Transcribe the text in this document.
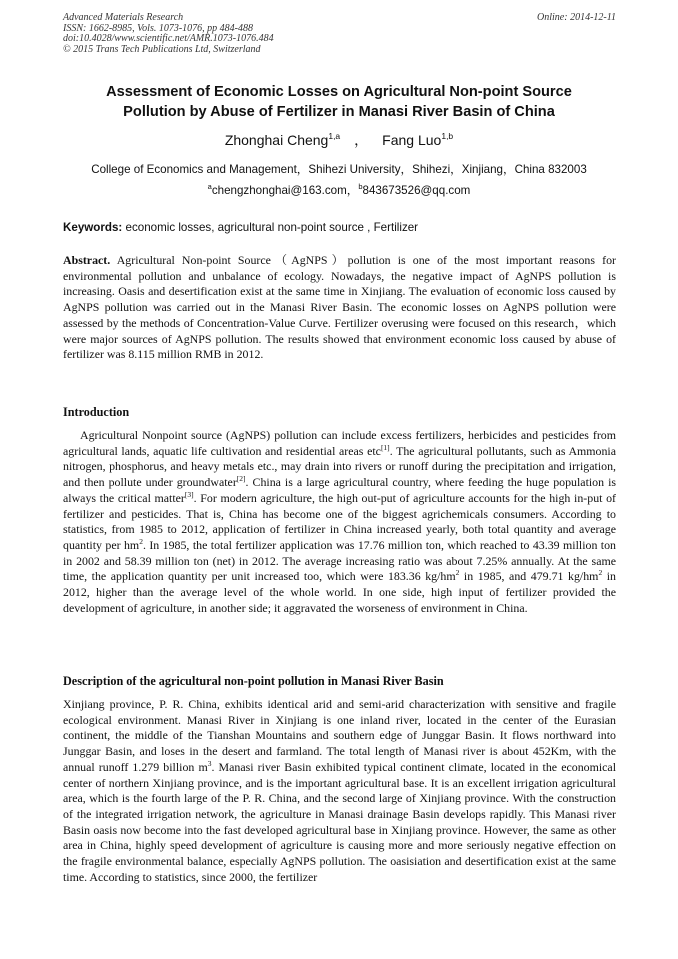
Advanced Materials Research	Online: 2014-12-11
ISSN: 1662-8985, Vols. 1073-1076, pp 484-488
doi:10.4028/www.scientific.net/AMR.1073-1076.484
© 2015 Trans Tech Publications Ltd, Switzerland
Assessment of Economic Losses on Agricultural Non-point Source
Pollution by Abuse of Fertilizer in Manasi River Basin of China
Zhonghai Cheng$^{1,a}$ ， Fang Luo$^{1,b}$
College of Economics and Management，Shihezi University，Shihezi，Xinjiang，China 832003
$^a$chengzhonghai@163.com，$^b$843673526@qq.com
Keywords: economic losses, agricultural non-point source , Fertilizer

Abstract. Agricultural Non-point Source（AgNPS）pollution is one of the most important reasons for environmental pollution and unbalance of ecology. Nowadays, the negative impact of AgNPS pollution is increasing. Oasis and desertification exist at the same time in Xinjiang. The evaluation of economic loss caused by AgNPS pollution was carried out in the Manasi River Basin. The economic losses on AgNPS pollution were assessed by the methods of Concentration-Value Curve. Fertilizer overusing were focused on this research，which were major sources of AgNPS pollution. The results showed that environment economic loss caused by abuse of fertilizer was 8.115 million RMB in 2012.

Introduction

Agricultural Nonpoint source (AgNPS) pollution can include excess fertilizers, herbicides and pesticides from agricultural lands, aquatic life cultivation and residential areas etc[1]. The agricultural pollutants, such as Ammonia nitrogen, phosphorus, and heavy metals etc., may drain into rivers or runoff during the precipitation and irrigation, and then pollute under groundwater[2]. China is a large agricultural country, where feeding the huge population is always the critical matter[3]. For modern agriculture, the high out-put of agriculture accounts for the high in-put of fertilizer and pesticides. That is, China has become one of the biggest agrichemicals consumers. According to statistics, from 1985 to 2012, application of fertilizer in China increased yearly, both total quantity and average quantity per $hm^2$. In 1985, the total fertilizer application was 17.76 million ton, which reached to 43.39 million ton in 2002 and 58.39 million ton (net) in 2012. The average increasing ratio was about 7.25% annually. At the same time, the application quantity per unit increased too, which were 183.36 $kg/hm^2$ in 1985, and 479.71 $kg/hm^2$ in 2012, higher than the average level of the whole world. In one side, high input of fertilizer provided the development of agriculture, in another side; it aggravated the worseness of environment in China.

Description of the agricultural non-point pollution in Manasi River Basin

Xinjiang province, P. R. China, exhibits identical arid and semi-arid characterization with sensitive and fragile ecological environment. Manasi River in Xinjiang is one inland river, located in the center of the Eurasian continent, the middle of the Tianshan Mountains and southern edge of Junggar Basin. It flows northward into Junggar Basin, and loses in the desert and farmland. The total length of Manasi river is about 452Km, with the annual runoff 1.279 billion $m^3$. Manasi river Basin exhibited typical continent climate, located in the economical center of northern Xinjiang province, and is the important agricultural base. It is an excellent irrigation agricultural area, which is the fourth large of the P. R. China, and the second large of Xinjiang province. With the construction of the integrated irrigation network, the agriculture in Manasi drainage Basin develops rapidly. This Manasi river Basin oasis now become into the fast developed agricultural base in Xinjiang province. However, the same as other area in China, highly speed development of agriculture is causing more and more seriously negative effection on the fragile environmental balance, especially AgNPS pollution. The oasisiation and desertification exist at the same time. According to statistics, since 2000, the fertilizer
